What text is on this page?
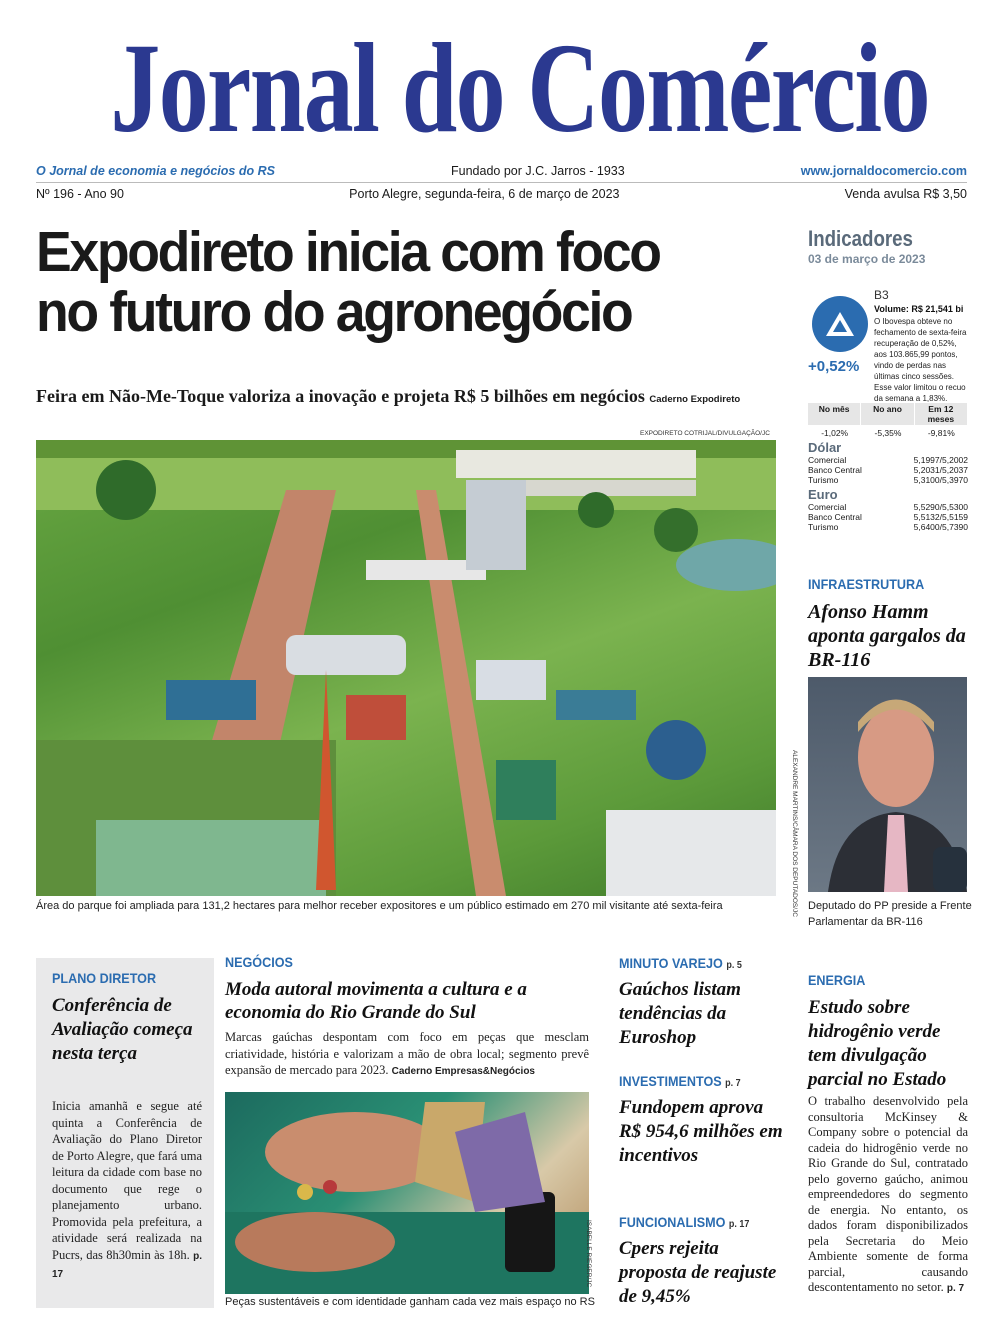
Jornal do Comércio
O Jornal de economia e negócios do RS	Fundado por J.C. Jarros - 1933	www.jornaldocomercio.com
Nº 196 - Ano 90	Porto Alegre, segunda-feira, 6 de março de 2023	Venda avulsa R$ 3,50
Expodireto inicia com foco
no futuro do agronegócio
Feira em Não-Me-Toque valoriza a inovação e projeta R$ 5 bilhões em negócios Caderno Expodireto
EXPODIRETO COTRIJAL/DIVULGAÇÃO/JC
Área do parque foi ampliada para 131,2 hectares para melhor receber expositores e um público estimado em 270 mil visitante até sexta-feira
Indicadores
03 de março de 2023
+0,52%
B3
Volume: R$ 21,541 bi
O Ibovespa obteve no fechamento de sexta-feira recuperação de 0,52%, aos 103.865,99 pontos, vindo de perdas nas últimas cinco sessões. Esse valor limitou o recuo da semana a 1,83%.
No mês	No ano	Em 12 meses
-1,02%	-5,35%	-9,81%
Dólar
Comercial	5,1997/5,2002
Banco Central	5,2031/5,2037
Turismo	5,3100/5,3970
Euro
Comercial	5,5290/5,5300
Banco Central	5,5132/5,5159
Turismo	5,6400/5,7390
INFRAESTRUTURA
Afonso Hamm aponta gargalos da BR-116
ALEXANDRE MARTINS/CÂMARA DOS DEPUTADOS/JC Deputado do PP preside a Frente Parlamentar da BR-116
PLANO DIRETOR
Conferência de Avaliação começa nesta terça
Inicia amanhã e segue até quinta a Conferência de Avaliação do Plano Diretor de Porto Alegre, que fará uma leitura da cidade com base no documento que rege o planejamento urbano. Promovida pela prefeitura, a atividade será realizada na Pucrs, das 8h30min às 18h. p. 17
NEGÓCIOS
Moda autoral movimenta a cultura e a economia do Rio Grande do Sul
Marcas gaúchas despontam com foco em peças que mesclam criatividade, história e valorizam a mão de obra local; segmento prevê expansão de mercado para 2023. Caderno Empresas&Negócios
ISABELLE RIEGER/JC
Peças sustentáveis e com identidade ganham cada vez mais espaço no RS
MINUTO VAREJO p. 5
Gaúchos listam tendências da Euroshop
INVESTIMENTOS p. 7
Fundopem aprova R$ 954,6 milhões em incentivos
FUNCIONALISMO p. 17
Cpers rejeita proposta de reajuste de 9,45%
ENERGIA
Estudo sobre hidrogênio verde tem divulgação parcial no Estado
O trabalho desenvolvido pela consultoria McKinsey & Company sobre o potencial da cadeia do hidrogênio verde no Rio Grande do Sul, contratado pelo governo gaúcho, animou empreendedores do segmento de energia. No entanto, os dados foram disponibilizados pela Secretaria do Meio Ambiente somente de forma parcial, causando descontentamento no setor. p. 7
